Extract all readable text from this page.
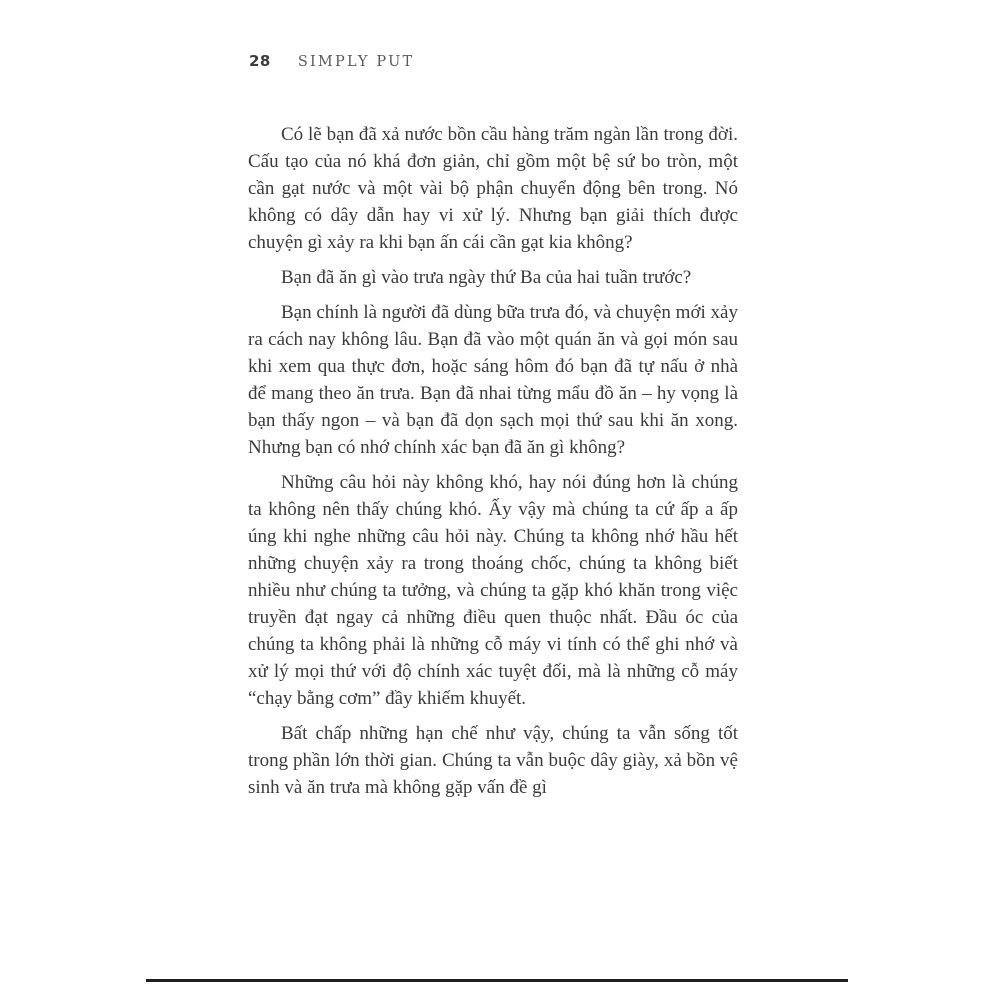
28 SIMPLY PUT

Có lẽ bạn đã xả nước bồn cầu hàng trăm ngàn lần trong đời. Cấu tạo của nó khá đơn giản, chỉ gồm một bệ sứ bo tròn, một cần gạt nước và một vài bộ phận chuyển động bên trong. Nó không có dây dẫn hay vi xử lý. Nhưng bạn giải thích được chuyện gì xảy ra khi bạn ấn cái cần gạt kia không?

Bạn đã ăn gì vào trưa ngày thứ Ba của hai tuần trước?

Bạn chính là người đã dùng bữa trưa đó, và chuyện mới xảy ra cách nay không lâu. Bạn đã vào một quán ăn và gọi món sau khi xem qua thực đơn, hoặc sáng hôm đó bạn đã tự nấu ở nhà để mang theo ăn trưa. Bạn đã nhai từng mẩu đồ ăn – hy vọng là bạn thấy ngon – và bạn đã dọn sạch mọi thứ sau khi ăn xong. Nhưng bạn có nhớ chính xác bạn đã ăn gì không?

Những câu hỏi này không khó, hay nói đúng hơn là chúng ta không nên thấy chúng khó. Ấy vậy mà chúng ta cứ ấp a ấp úng khi nghe những câu hỏi này. Chúng ta không nhớ hầu hết những chuyện xảy ra trong thoáng chốc, chúng ta không biết nhiều như chúng ta tưởng, và chúng ta gặp khó khăn trong việc truyền đạt ngay cả những điều quen thuộc nhất. Đầu óc của chúng ta không phải là những cỗ máy vi tính có thể ghi nhớ và xử lý mọi thứ với độ chính xác tuyệt đối, mà là những cỗ máy “chạy bằng cơm” đầy khiếm khuyết.

Bất chấp những hạn chế như vậy, chúng ta vẫn sống tốt trong phần lớn thời gian. Chúng ta vẫn buộc dây giày, xả bồn vệ sinh và ăn trưa mà không gặp vấn đề gì
